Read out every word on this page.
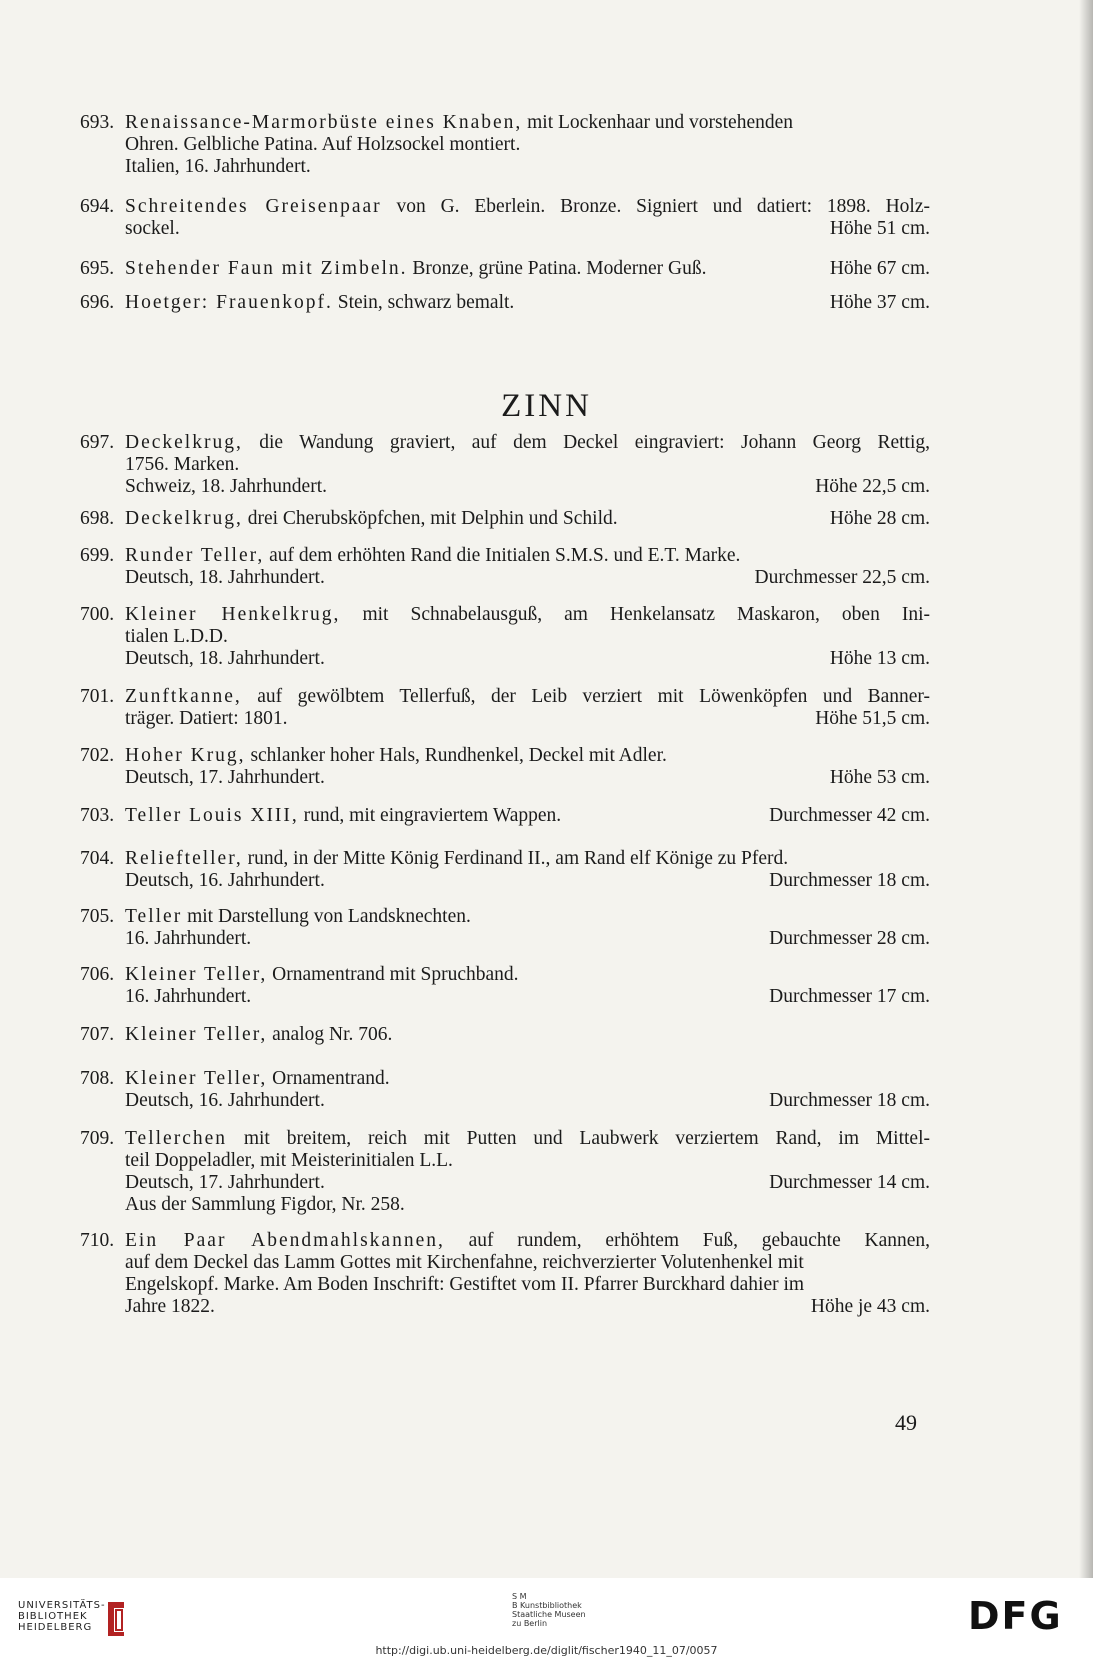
693. Renaissance-Marmorbüste eines Knaben, mit Lockenhaar und vorstehenden
Ohren. Gelbliche Patina. Auf Holzsockel montiert.
Italien, 16. Jahrhundert.
694. Schreitendes Greisenpaar von G. Eberlein. Bronze. Signiert und datiert: 1898. Holz-
sockel.	Höhe 51 cm.
695. Stehender Faun mit Zimbeln. Bronze, grüne Patina. Moderner Guß.	Höhe 67 cm.
696. Hoetger: Frauenkopf. Stein, schwarz bemalt.	Höhe 37 cm.
697. Deckelkrug, die Wandung graviert, auf dem Deckel eingraviert: Johann Georg Rettig,
1756. Marken.
Schweiz, 18. Jahrhundert.	Höhe 22,5 cm.
698. Deckelkrug, drei Cherubsköpfchen, mit Delphin und Schild.	Höhe 28 cm.
699. Runder Teller, auf dem erhöhten Rand die Initialen S.M.S. und E.T. Marke.
Deutsch, 18. Jahrhundert.	Durchmesser 22,5 cm.
700. Kleiner Henkelkrug, mit Schnabelausguß, am Henkelansatz Maskaron, oben Ini-
tialen L.D.D.
Deutsch, 18. Jahrhundert.	Höhe 13 cm.
701. Zunftkanne, auf gewölbtem Tellerfuß, der Leib verziert mit Löwenköpfen und Banner-
träger. Datiert: 1801.	Höhe 51,5 cm.
702. Hoher Krug, schlanker hoher Hals, Rundhenkel, Deckel mit Adler.
Deutsch, 17. Jahrhundert.	Höhe 53 cm.
703. Teller Louis XIII, rund, mit eingraviertem Wappen.	Durchmesser 42 cm.
704. Reliefteller, rund, in der Mitte König Ferdinand II., am Rand elf Könige zu Pferd.
Deutsch, 16. Jahrhundert.	Durchmesser 18 cm.
705. Teller mit Darstellung von Landsknechten.
16. Jahrhundert.	Durchmesser 28 cm.
706. Kleiner Teller, Ornamentrand mit Spruchband.
16. Jahrhundert.	Durchmesser 17 cm.
707. Kleiner Teller, analog Nr. 706.
708. Kleiner Teller, Ornamentrand.
Deutsch, 16. Jahrhundert.	Durchmesser 18 cm.
709. Tellerchen mit breitem, reich mit Putten und Laubwerk verziertem Rand, im Mittel-
teil Doppeladler, mit Meisterinitialen L.L.
Deutsch, 17. Jahrhundert.	Durchmesser 14 cm.
Aus der Sammlung Figdor, Nr. 258.
710. Ein Paar Abendmahlskannen, auf rundem, erhöhtem Fuß, gebauchte Kannen,
auf dem Deckel das Lamm Gottes mit Kirchenfahne, reichverzierter Volutenhenkel mit
Engelskopf. Marke. Am Boden Inschrift: Gestiftet vom II. Pfarrer Burckhard dahier im
Jahre 1822.	Höhe je 43 cm.
ZINN
49
UNIVERSITÄTS-
BIBLIOTHEK
HEIDELBERG
S M
B Kunstbibliothek
Staatliche Museen
zu Berlin	DFG
http://digi.ub.uni-heidelberg.de/diglit/fischer1940_11_07/0057
